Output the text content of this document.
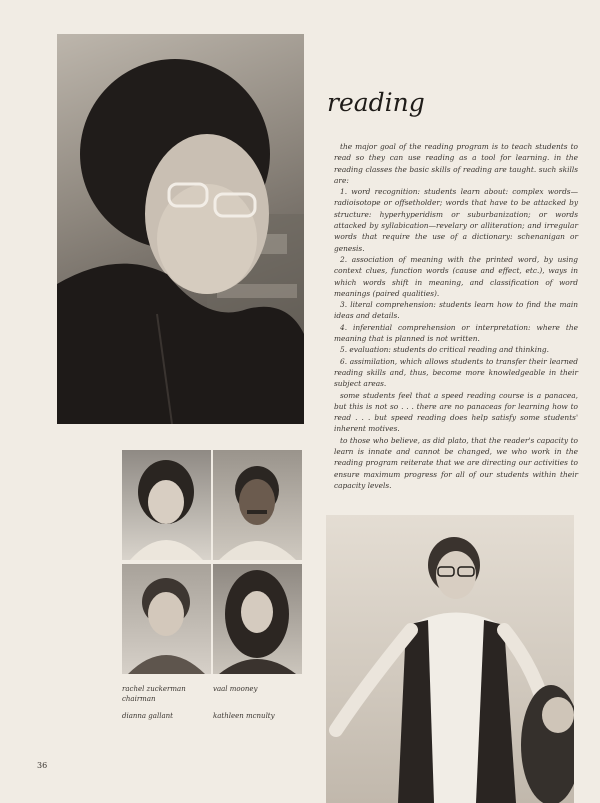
reading

the major goal of the reading program is to teach students to read so they can use reading as a tool for learning. in the reading classes the basic skills of reading are taught. such skills are:

1. word recognition: students learn about: complex words—radioisotope or offsetholder; words that have to be attacked by structure: hyperhyperidism or suburbanization; or words attacked by syllabication—revelary or alliteration; and irregular words that require the use of a dictionary: schenanigan or genesis.

2. association of meaning with the printed word, by using context clues, function words (cause and effect, etc.), ways in which words shift in meaning, and classification of word meanings (paired qualities).

3. literal comprehension: students learn how to find the main ideas and details.

4. inferential comprehension or interpretation: where the meaning that is planned is not written.

5. evaluation: students do critical reading and thinking.

6. assimilation, which allows students to transfer their learned reading skills and, thus, become more knowledgeable in their subject areas.

some students feel that a speed reading course is a panacea, but this is not so . . . there are no panaceas for learning how to read . . . but speed reading does help satisfy some students' inherent motives.

to those who believe, as did plato, that the reader's capacity to learn is innate and cannot be changed, we who work in the reading program reiterate that we are directing our activities to ensure maximum progress for all of our students within their capacity levels.

rachel zuckerman
chairman
vaal mooney
dianna gallant	kathleen mcnulty
36
